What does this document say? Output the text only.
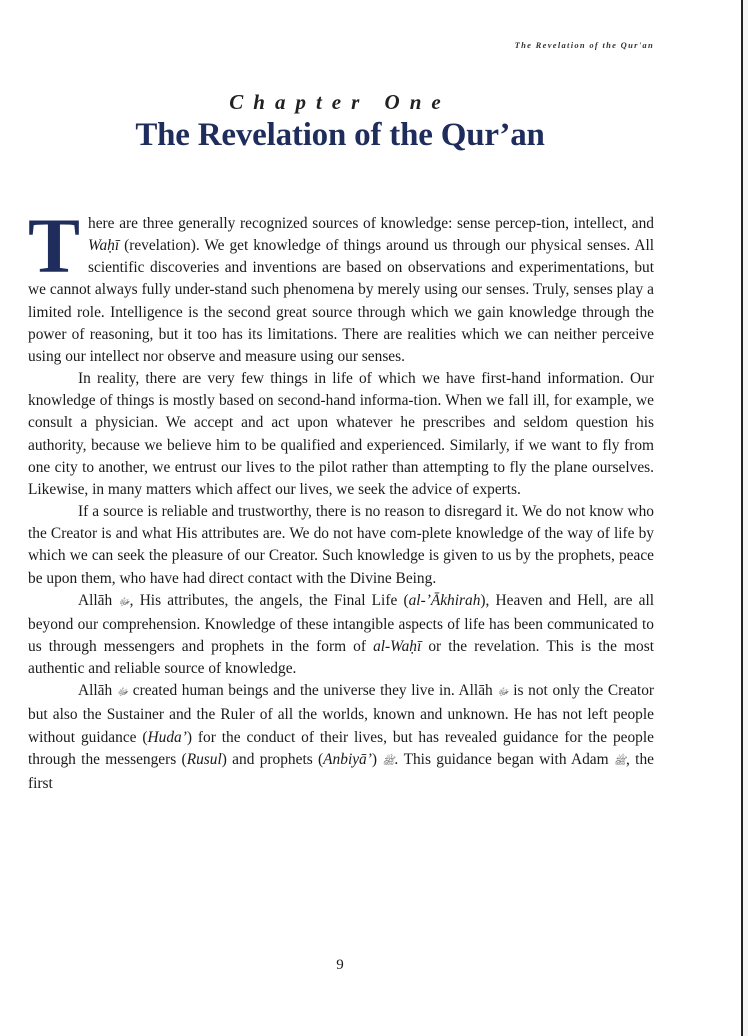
The Revelation of the Qur'an
Chapter One
The Revelation of the Qur’an

There are three generally recognized sources of knowledge: sense percep-tion, intellect, and Waḥī (revelation). We get knowledge of things around us through our physical senses. All scientific discoveries and inventions are based on observations and experimentations, but we cannot always fully under-stand such phenomena by merely using our senses. Truly, senses play a limited role. Intelligence is the second great source through which we gain knowledge through the power of reasoning, but it too has its limitations. There are realities which we can neither perceive using our intellect nor observe and measure using our senses.

In reality, there are very few things in life of which we have first-hand information. Our knowledge of things is mostly based on second-hand informa-tion. When we fall ill, for example, we consult a physician. We accept and act upon whatever he prescribes and seldom question his authority, because we believe him to be qualified and experienced. Similarly, if we want to fly from one city to another, we entrust our lives to the pilot rather than attempting to fly the plane ourselves. Likewise, in many matters which affect our lives, we seek the advice of experts.

If a source is reliable and trustworthy, there is no reason to disregard it. We do not know who the Creator is and what His attributes are. We do not have com-plete knowledge of the way of life by which we can seek the pleasure of our Creator. Such knowledge is given to us by the prophets, peace be upon them, who have had direct contact with the Divine Being.

Allāh ﷻ, His attributes, the angels, the Final Life (al-’Ākhirah), Heaven and Hell, are all beyond our comprehension. Knowledge of these intangible aspects of life has been communicated to us through messengers and prophets in the form of al-Waḥī or the revelation. This is the most authentic and reliable source of knowledge.

Allāh ﷻ created human beings and the universe they live in. Allāh ﷻ is not only the Creator but also the Sustainer and the Ruler of all the worlds, known and unknown. He has not left people without guidance (Huda’) for the conduct of their lives, but has revealed guidance for the people through the messengers (Rusul) and prophets (Anbiyā’) ﷺ. This guidance began with Adam ﷺ, the first

9
